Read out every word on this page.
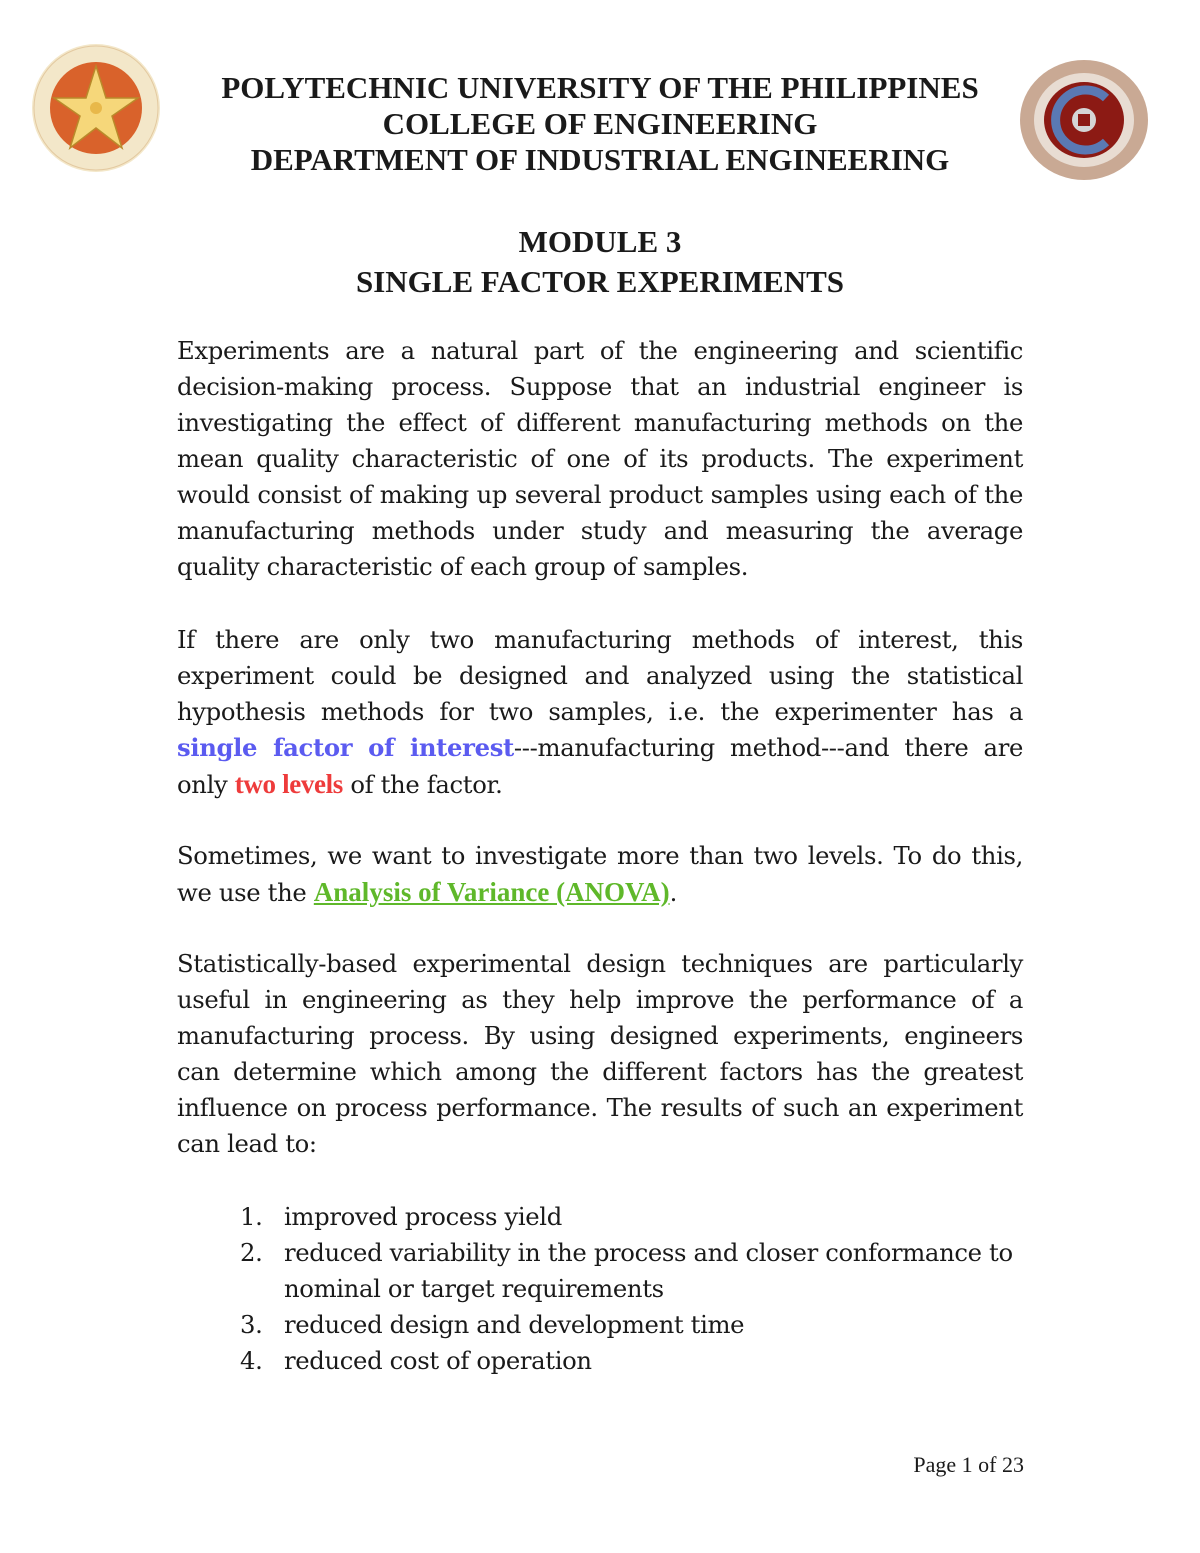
POLYTECHNIC UNIVERSITY OF THE PHILIPPINES
COLLEGE OF ENGINEERING
DEPARTMENT OF INDUSTRIAL ENGINEERING
MODULE 3
SINGLE FACTOR EXPERIMENTS
Experiments are a natural part of the engineering and scientific decision-making process. Suppose that an industrial engineer is investigating the effect of different manufacturing methods on the mean quality characteristic of one of its products. The experiment would consist of making up several product samples using each of the manufacturing methods under study and measuring the average quality characteristic of each group of samples.
If there are only two manufacturing methods of interest, this experiment could be designed and analyzed using the statistical hypothesis methods for two samples, i.e. the experimenter has a single factor of interest---manufacturing method---and there are only two levels of the factor.
Sometimes, we want to investigate more than two levels. To do this, we use the Analysis of Variance (ANOVA).
Statistically-based experimental design techniques are particularly useful in engineering as they help improve the performance of a manufacturing process. By using designed experiments, engineers can determine which among the different factors has the greatest influence on process performance. The results of such an experiment can lead to:
1. improved process yield
2. reduced variability in the process and closer conformance to nominal or target requirements
3. reduced design and development time
4. reduced cost of operation
Page 1 of 23
